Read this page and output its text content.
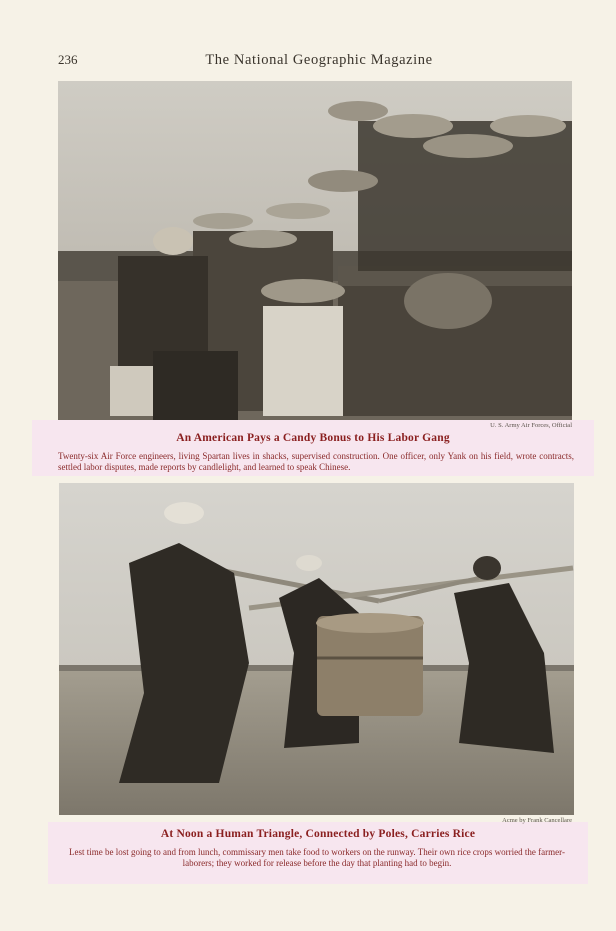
236	The National Geographic Magazine
U. S. Army Air Forces, Official
An American Pays a Candy Bonus to His Labor Gang
Twenty-six Air Force engineers, living Spartan lives in shacks, supervised construction. One officer, only Yank on his field, wrote contracts, settled labor disputes, made reports by candlelight, and learned to speak Chinese.
Acme by Frank Cancellare
At Noon a Human Triangle, Connected by Poles, Carries Rice
Lest time be lost going to and from lunch, commissary men take food to workers on the runway. Their own rice crops worried the farmer-laborers; they worked for release before the day that planting had to begin.
